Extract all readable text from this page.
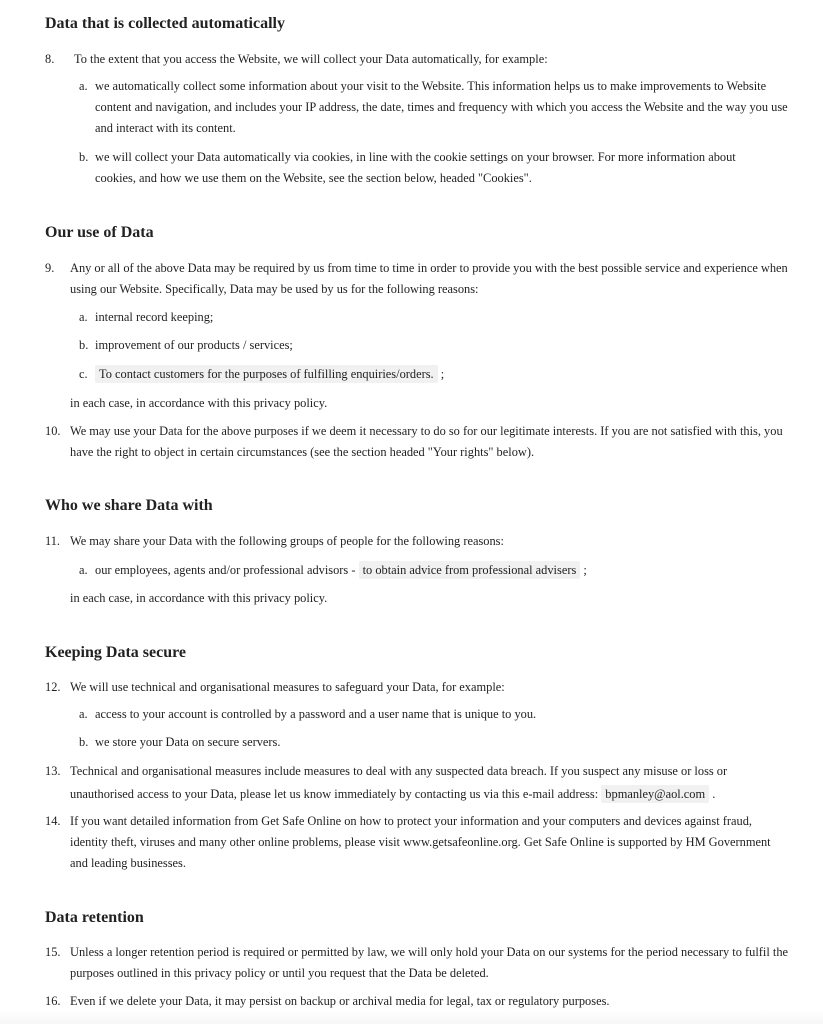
Data that is collected automatically
8. To the extent that you access the Website, we will collect your Data automatically, for example:
a. we automatically collect some information about your visit to the Website. This information helps us to make improvements to Website content and navigation, and includes your IP address, the date, times and frequency with which you access the Website and the way you use and interact with its content.
b. we will collect your Data automatically via cookies, in line with the cookie settings on your browser. For more information about cookies, and how we use them on the Website, see the section below, headed "Cookies".
Our use of Data
9. Any or all of the above Data may be required by us from time to time in order to provide you with the best possible service and experience when using our Website. Specifically, Data may be used by us for the following reasons:
a. internal record keeping;
b. improvement of our products / services;
c. To contact customers for the purposes of fulfilling enquiries/orders. ;
in each case, in accordance with this privacy policy.
10. We may use your Data for the above purposes if we deem it necessary to do so for our legitimate interests. If you are not satisfied with this, you have the right to object in certain circumstances (see the section headed "Your rights" below).
Who we share Data with
11. We may share your Data with the following groups of people for the following reasons:
a. our employees, agents and/or professional advisors - to obtain advice from professional advisers ;
in each case, in accordance with this privacy policy.
Keeping Data secure
12. We will use technical and organisational measures to safeguard your Data, for example:
a. access to your account is controlled by a password and a user name that is unique to you.
b. we store your Data on secure servers.
13. Technical and organisational measures include measures to deal with any suspected data breach. If you suspect any misuse or loss or unauthorised access to your Data, please let us know immediately by contacting us via this e-mail address: bpmanley@aol.com .
14. If you want detailed information from Get Safe Online on how to protect your information and your computers and devices against fraud, identity theft, viruses and many other online problems, please visit www.getsafeonline.org. Get Safe Online is supported by HM Government and leading businesses.
Data retention
15. Unless a longer retention period is required or permitted by law, we will only hold your Data on our systems for the period necessary to fulfil the purposes outlined in this privacy policy or until you request that the Data be deleted.
16. Even if we delete your Data, it may persist on backup or archival media for legal, tax or regulatory purposes.
